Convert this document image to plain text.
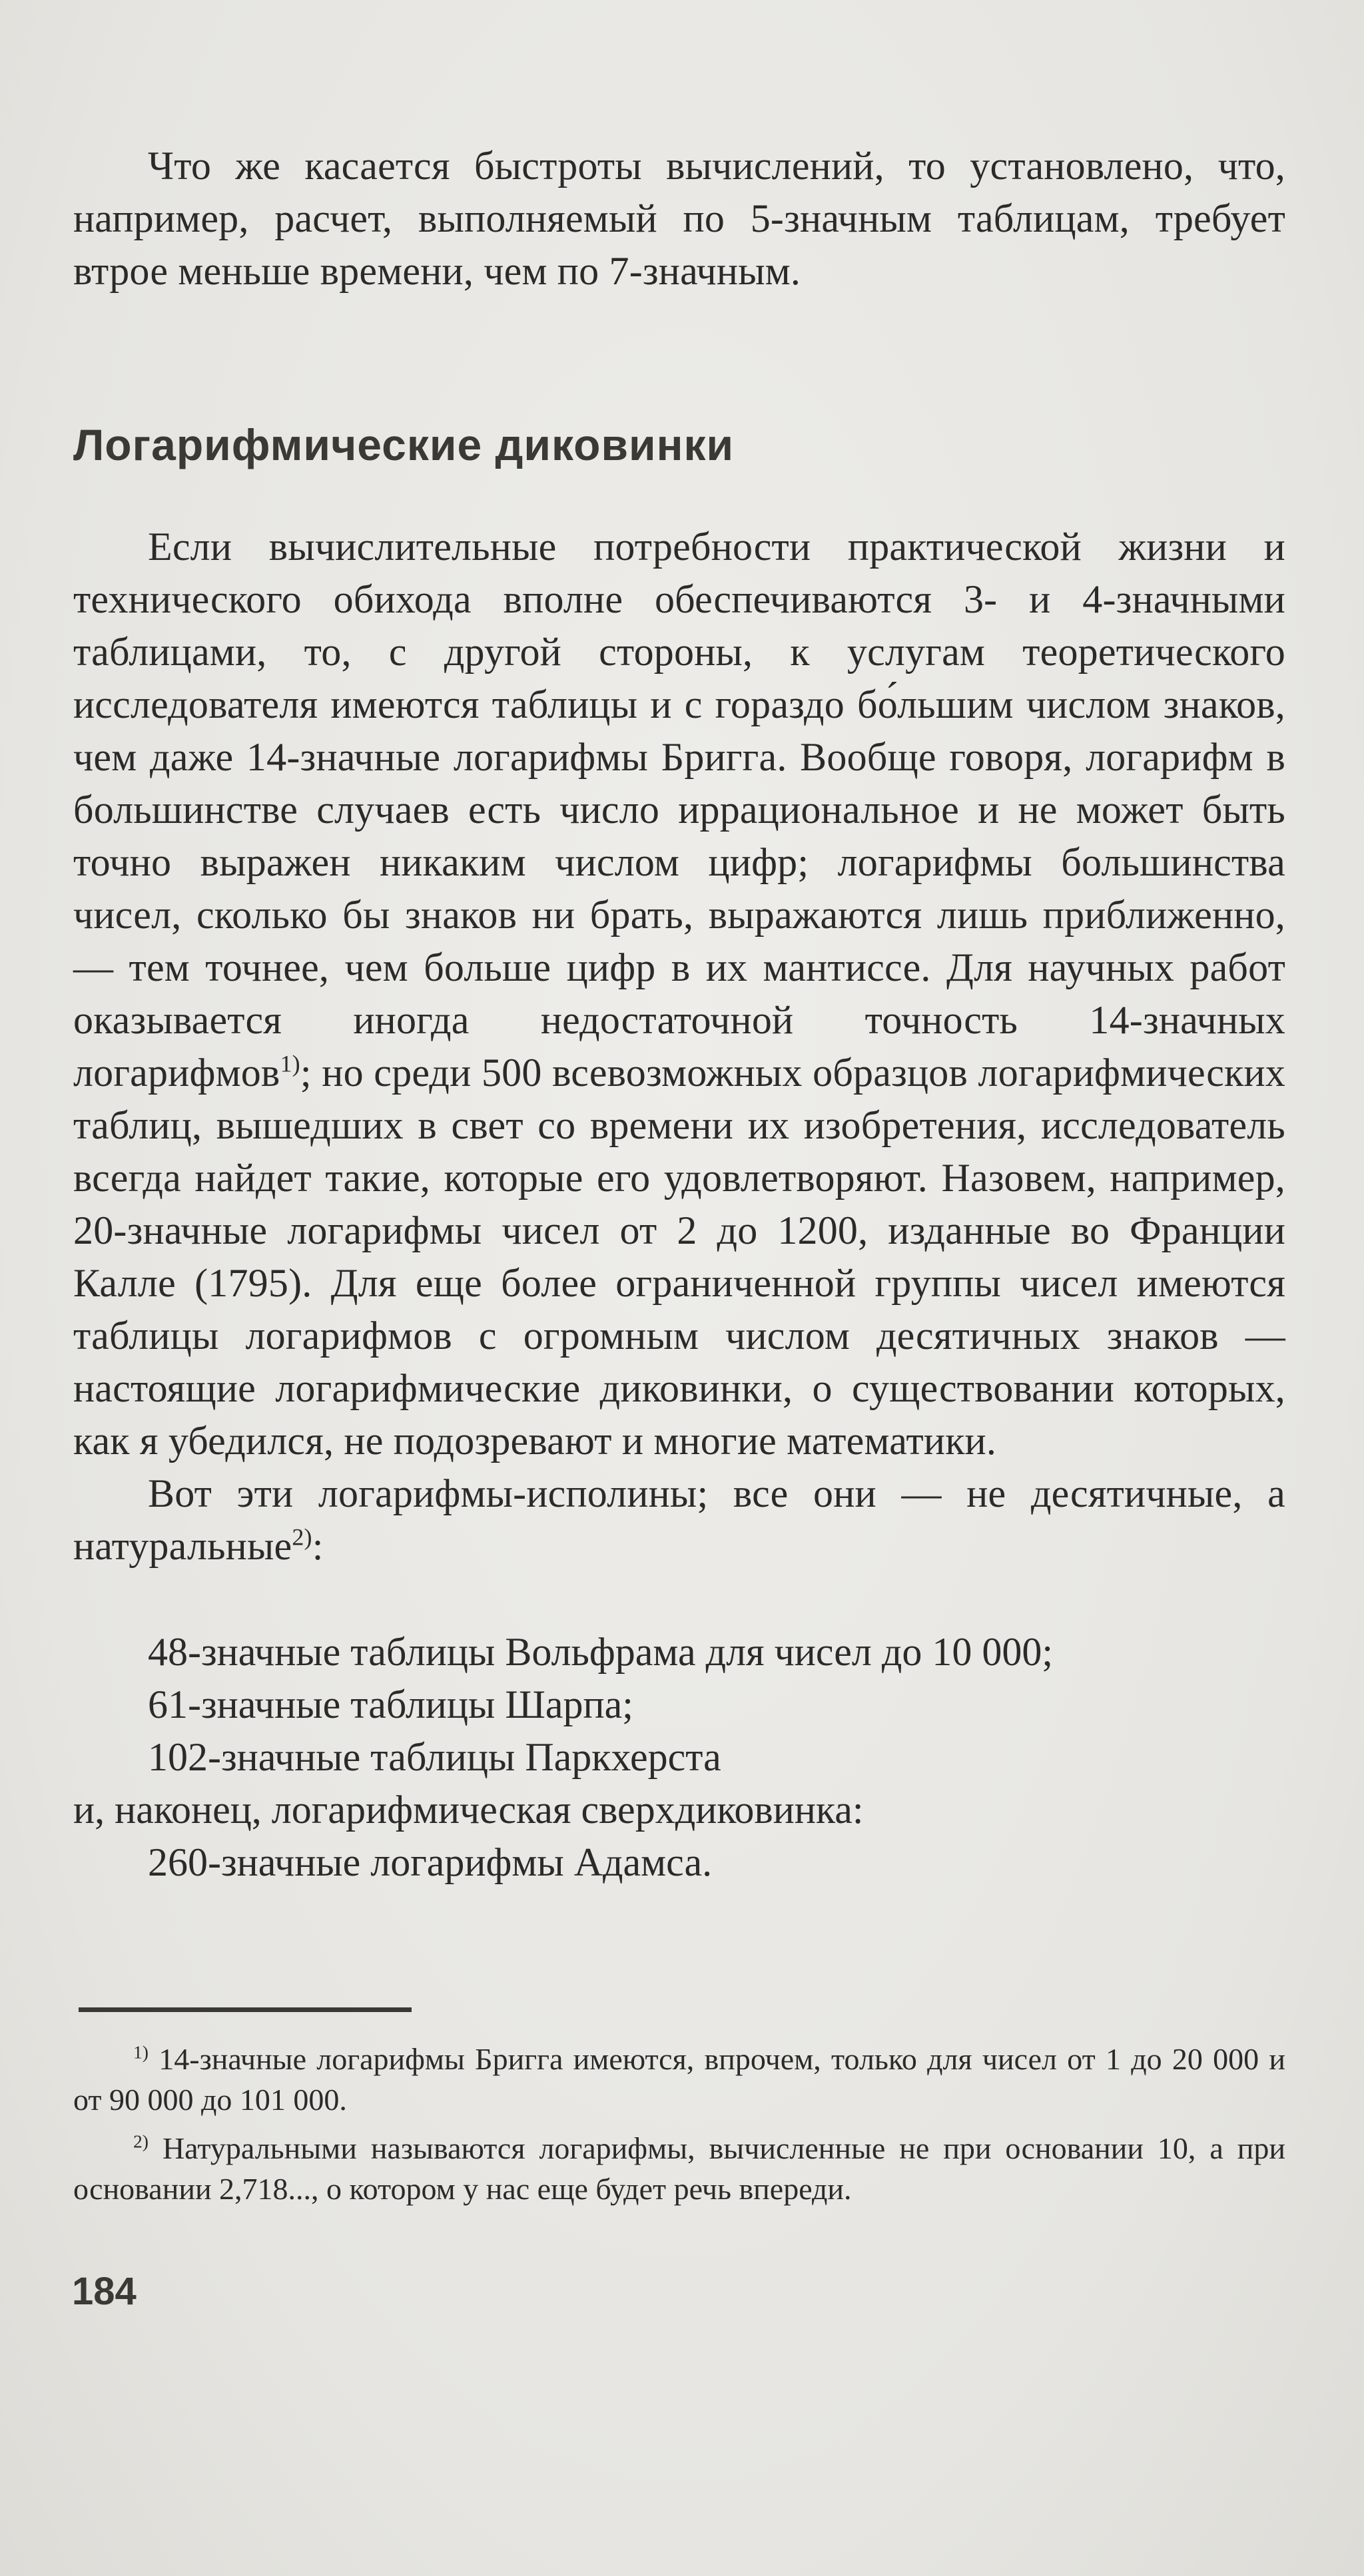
Что же касается быстроты вычислений, то установлено, что, например, расчет, выполняемый по 5-значным таблицам, требует втрое меньше времени, чем по 7-значным.

Логарифмические диковинки

Если вычислительные потребности практической жизни и технического обихода вполне обеспечиваются 3- и 4-значными таблицами, то, с другой стороны, к услугам теоретического исследователя имеются таблицы и с гораздо бо́льшим числом знаков, чем даже 14-значные логарифмы Бригга. Вообще говоря, логарифм в большинстве случаев есть число иррациональное и не может быть точно выражен никаким числом цифр; логарифмы большинства чисел, сколько бы знаков ни брать, выражаются лишь приближенно, — тем точнее, чем больше цифр в их мантиссе. Для научных работ оказывается иногда недостаточной точность 14-значных логарифмов$^{1)}$; но среди 500 всевозможных образцов логарифмических таблиц, вышедших в свет со времени их изобретения, исследователь всегда найдет такие, которые его удовлетворяют. Назовем, например, 20-значные логарифмы чисел от 2 до 1200, изданные во Франции Калле (1795). Для еще более ограниченной группы чисел имеются таблицы логарифмов с огромным числом десятичных знаков — настоящие логарифмические диковинки, о существовании которых, как я убедился, не подозревают и многие математики.

Вот эти логарифмы-исполины; все они — не десятичные, а натуральные$^{2)}$:

48-значные таблицы Вольфрама для чисел до 10 000;

61-значные таблицы Шарпа;

102-значные таблицы Паркхерста

и, наконец, логарифмическая сверхдиковинка:

260-значные логарифмы Адамса.

$^{1)}$ 14-значные логарифмы Бригга имеются, впрочем, только для чисел от 1 до 20 000 и от 90 000 до 101 000.

$^{2)}$ Натуральными называются логарифмы, вычисленные не при основании 10, а при основании 2,718..., о котором у нас еще будет речь впереди.

184
